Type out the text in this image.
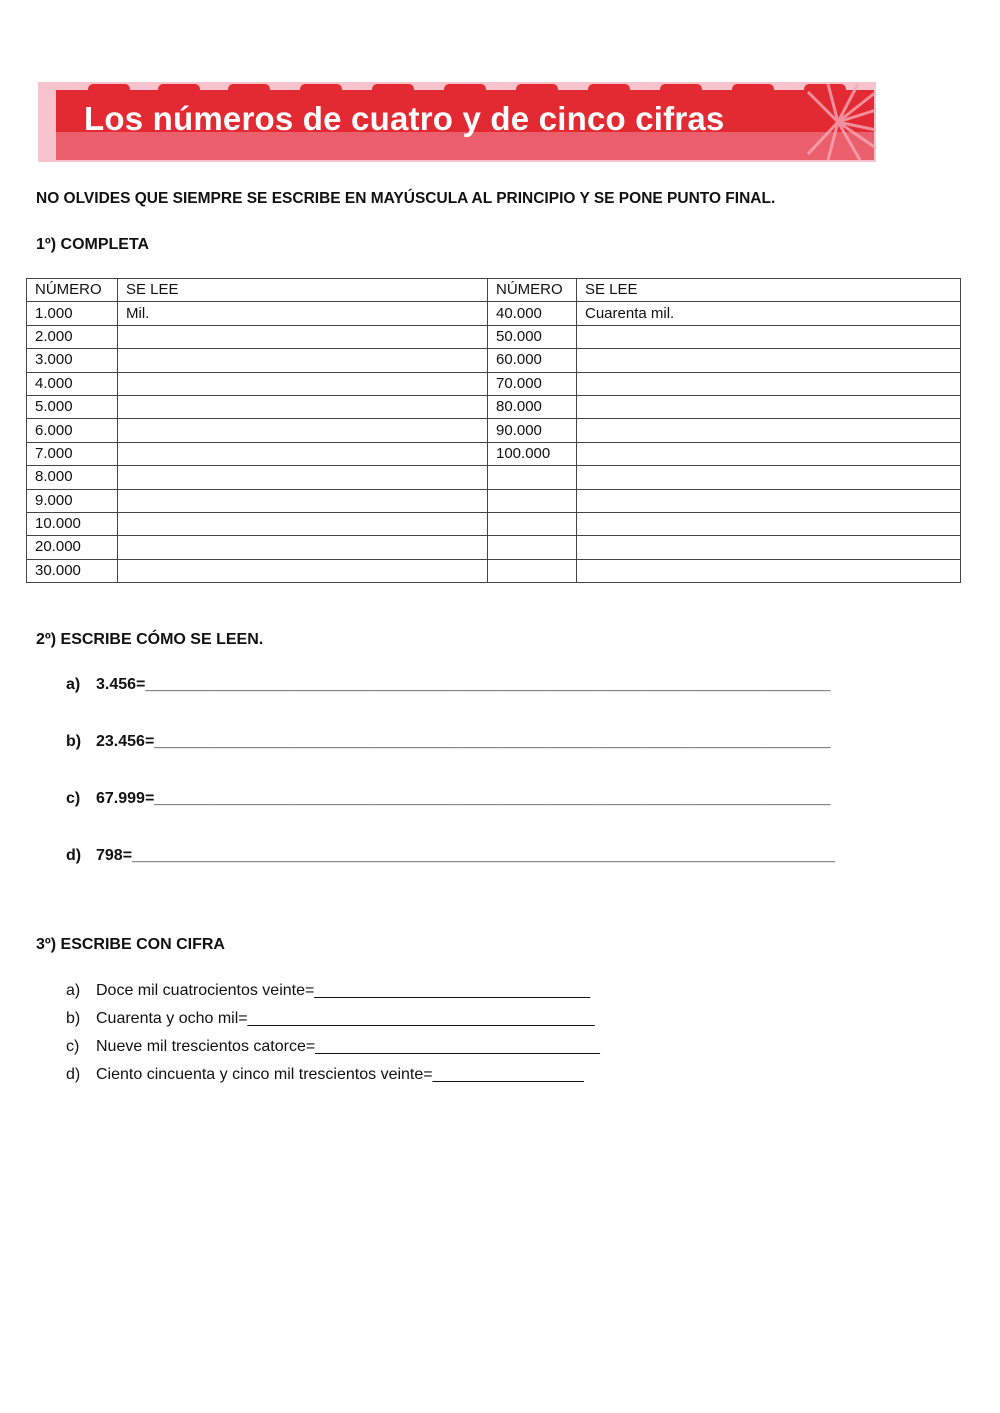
Los números de cuatro y de cinco cifras
NO OLVIDES QUE SIEMPRE SE ESCRIBE EN MAYÚSCULA AL PRINCIPIO Y SE PONE PUNTO FINAL.
1º) COMPLETA
NÚMERO	SE LEE	NÚMERO	SE LEE
1.000	Mil.	40.000	Cuarenta mil.
2.000		50.000	
3.000		60.000	
4.000		70.000	
5.000		80.000	
6.000		90.000	
7.000		100.000	
8.000			
9.000			
10.000			
20.000			
30.000			
2º) ESCRIBE CÓMO SE LEEN.
a) 3.456=_____________________________________________________________________________
b) 23.456=____________________________________________________________________________
c) 67.999=____________________________________________________________________________
d) 798=_______________________________________________________________________________
3º) ESCRIBE CON CIFRA
a) Doce mil cuatrocientos veinte=_______________________________
b) Cuarenta y ocho mil=_______________________________________
c) Nueve mil trescientos catorce=________________________________
d) Ciento cincuenta y cinco mil trescientos veinte=_________________
